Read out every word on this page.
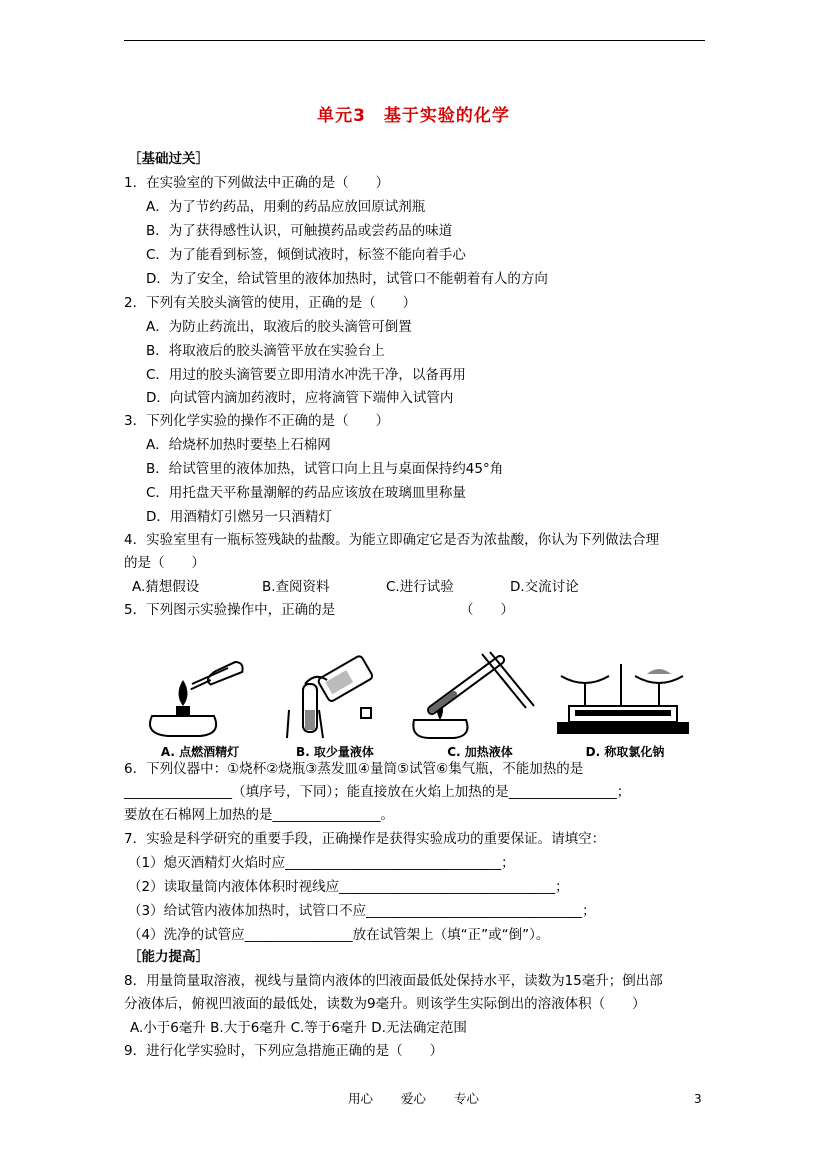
单元3　基于实验的化学
［基础过关］
1．在实验室的下列做法中正确的是（　　）
A．为了节约药品，用剩的药品应放回原试剂瓶
B．为了获得感性认识，可触摸药品或尝药品的味道
C．为了能看到标签，倾倒试液时，标签不能向着手心
D．为了安全，给试管里的液体加热时，试管口不能朝着有人的方向
2．下列有关胶头滴管的使用，正确的是（　　）
A．为防止药流出，取液后的胶头滴管可倒置
B．将取液后的胶头滴管平放在实验台上
C．用过的胶头滴管要立即用清水冲洗干净，以备再用
D．向试管内滴加药液时，应将滴管下端伸入试管内
3．下列化学实验的操作不正确的是（　　）
A．给烧杯加热时要垫上石棉网
B．给试管里的液体加热，试管口向上且与桌面保持约45°角
C．用托盘天平称量潮解的药品应该放在玻璃皿里称量
D．用酒精灯引燃另一只酒精灯
4．实验室里有一瓶标签残缺的盐酸。为能立即确定它是否为浓盐酸，你认为下列做法合理
的是（　　）
A.猜想假设	B.查阅资料	C.进行试验	D.交流讨论
5．下列图示实验操作中，正确的是	（　　）
A. 点燃酒精灯	B. 取少量液体	C. 加热液体	D. 称取氯化钠
6．下列仪器中：①烧杯②烧瓶③蒸发皿④量筒⑤试管⑥集气瓶，不能加热的是
________________（填序号，下同）；能直接放在火焰上加热的是________________；
要放在石棉网上加热的是________________。
7．实验是科学研究的重要手段，正确操作是获得实验成功的重要保证。请填空：
（1）熄灭酒精灯火焰时应________________________________；
（2）读取量筒内液体体积时视线应________________________________；
（3）给试管内液体加热时，试管口不应________________________________；
（4）洗净的试管应________________放在试管架上（填“正”或“倒”）。
［能力提高］
8．用量筒量取溶液，视线与量筒内液体的凹液面最低处保持水平，读数为15毫升；倒出部
分液体后，俯视凹液面的最低处，读数为9毫升。则该学生实际倒出的溶液体积（　　）
A.小于6毫升 B.大于6毫升 C.等于6毫升 D.无法确定范围
9．进行化学实验时，下列应急措施正确的是（　　）
用心 爱心 专心	3
